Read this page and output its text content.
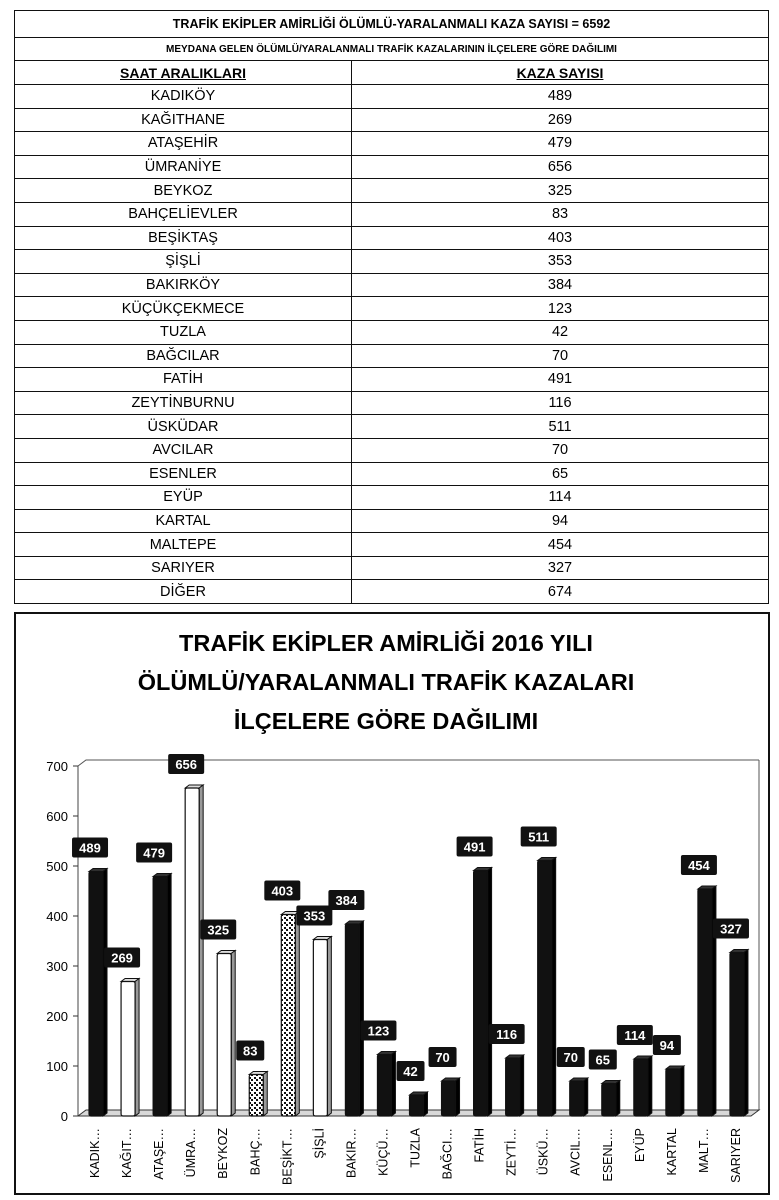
TRAFİK EKİPLER AMİRLİĞİ ÖLÜMLÜ-YARALANMALI KAZA SAYISI = 6592	
MEYDANA GELEN ÖLÜMLÜ/YARALANMALI TRAFİK KAZALARININ İLÇELERE GÖRE DAĞILIMI	
SAAT ARALIKLARI	KAZA SAYISI
KADIKÖY	489
KAĞITHANE	269
ATAŞEHİR	479
ÜMRANİYE	656
BEYKOZ	325
BAHÇELİEVLER	83
BEŞİKTAŞ	403
ŞİŞLİ	353
BAKIRKÖY	384
KÜÇÜKÇEKMECE	123
TUZLA	42
BAĞCILAR	70
FATİH	491
ZEYTİNBURNU	116
ÜSKÜDAR	511
AVCILAR	70
ESENLER	65
EYÜP	114
KARTAL	94
MALTEPE	454
SARIYER	327
DİĞER	674
TRAFİK EKİPLER AMİRLİĞİ 2016 YILI
ÖLÜMLÜ/YARALANMALI TRAFİK KAZALARI
İLÇELERE GÖRE DAĞILIMI
0
100
200
300
400
500
600
700
489
KADIK…
269
KAĞIT…
479
ATAŞE…
656
ÜMRA…
325
BEYKOZ
83
BAHÇ…
403
BEŞİKT…
353
ŞİŞLİ
384
BAKIR…
123
KÜÇÜ…
42
TUZLA
70
BAĞCI…
491
FATİH
116
ZEYTİ…
511
ÜSKÜ…
70
AVCIL…
65
ESENL…
114
EYÜP
94
KARTAL
454
MALT…
327
SARIYER
